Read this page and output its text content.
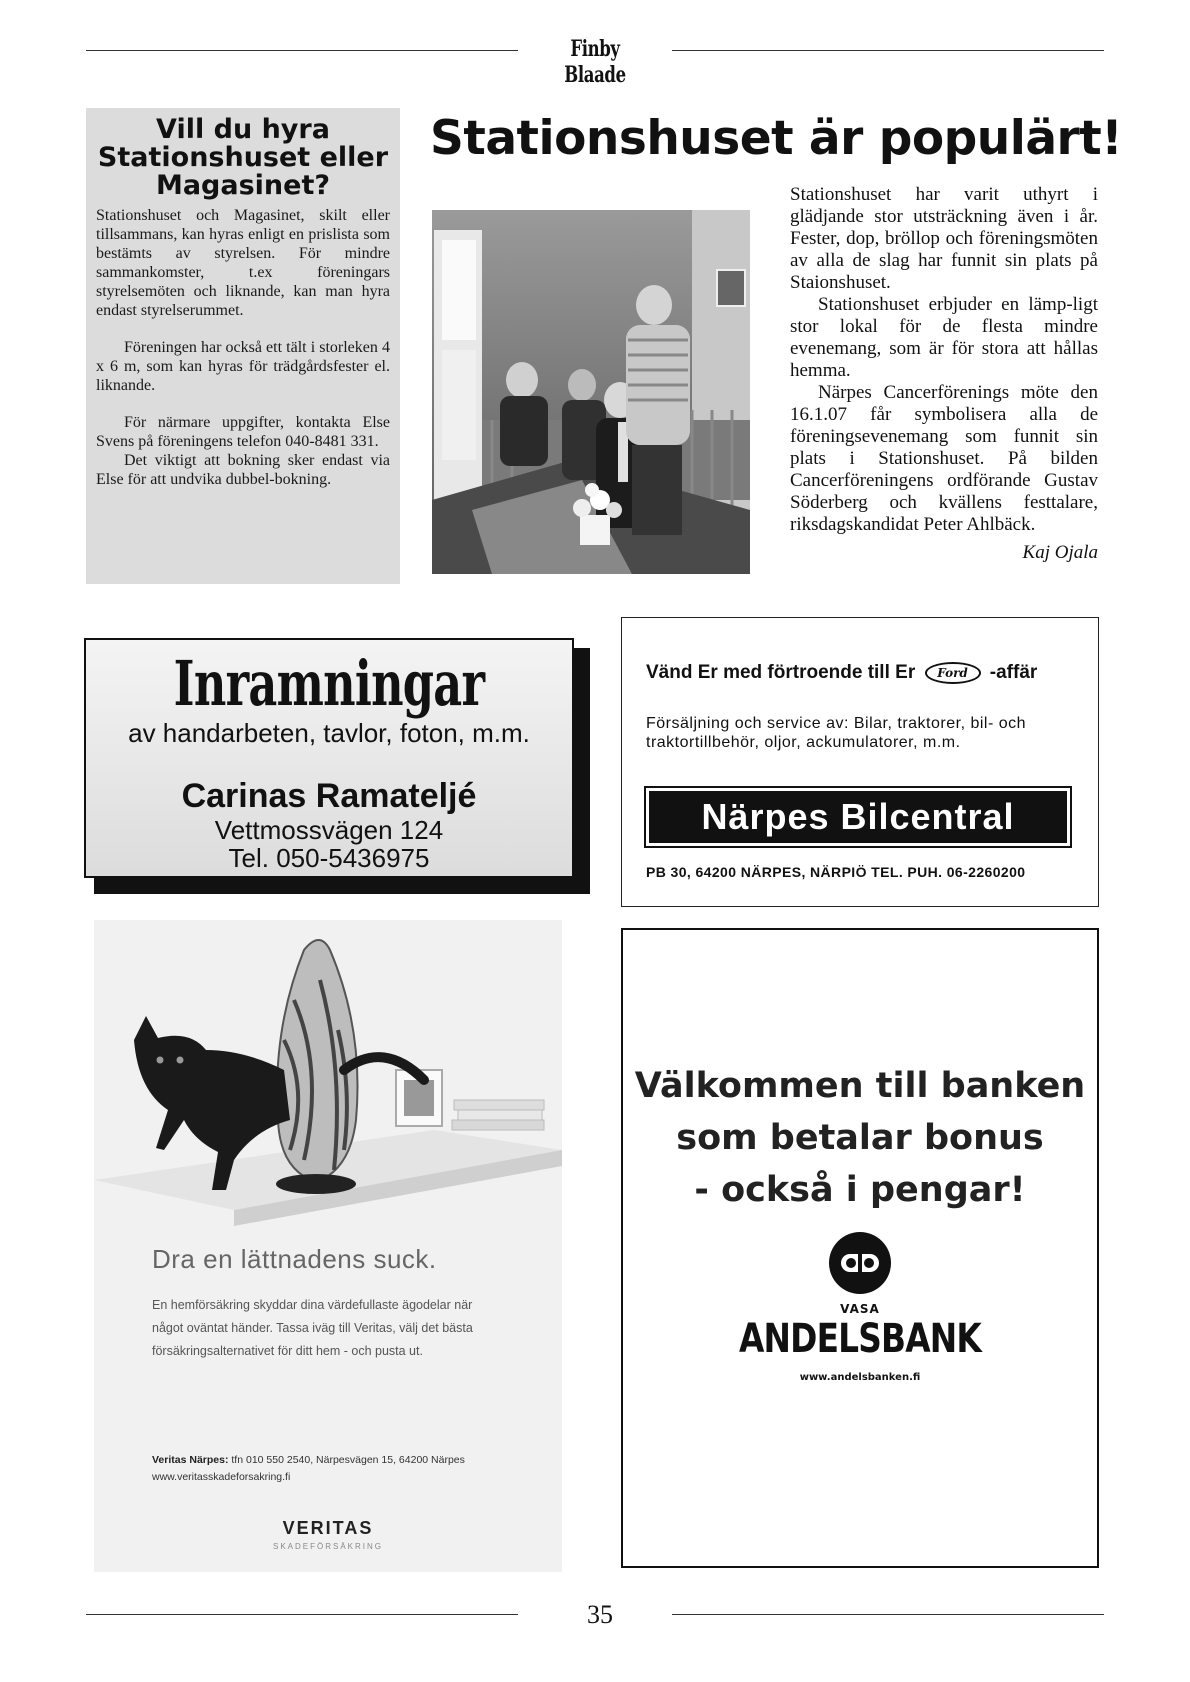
Finby Blaade
Vill du hyra Stationshuset eller Magasinet?

Stationshuset och Magasinet, skilt eller tillsammans, kan hyras enligt en prislista som bestämts av styrelsen. För mindre sammankomster, t.ex föreningars styrelsemöten och liknande, kan man hyra endast styrelserummet.

Föreningen har också ett tält i storleken 4 x 6 m, som kan hyras för trädgårdsfester el. liknande.

För närmare uppgifter, kontakta Else Svens på föreningens telefon 040-8481 331.

Det viktigt att bokning sker endast via Else för att undvika dubbel-bokning.

Stationshuset är populärt!

Stationshuset har varit uthyrt i glädjande stor utsträckning även i år. Fester, dop, bröllop och föreningsmöten av alla de slag har funnit sin plats på Staionshuset.

Stationshuset erbjuder en lämp-ligt stor lokal för de flesta mindre evenemang, som är för stora att hållas hemma.

Närpes Cancerförenings möte den 16.1.07 får symbolisera alla de föreningsevenemang som funnit sin plats i Stationshuset. På bilden Cancerföreningens ordförande Gustav Söderberg och kvällens festtalare, riksdagskandidat Peter Ahlbäck.

Kaj Ojala

Inramningar
av handarbeten, tavlor, foton, m.m.
Carinas Ramatelјé
Vettmossvägen 124
Tel. 050-5436975
Vänd Er med förtroende till Er Ford -affär
Försäljning och service av: Bilar, traktorer, bil- och traktortillbehör, oljor, ackumulatorer, m.m.
Närpes Bilcentral
PB 30, 64200 NÄRPES, NÄRPIÖ TEL. PUH. 06-2260200
Dra en lättnadens suck.
En hemförsäkring skyddar dina värdefullaste ägodelar när något oväntat händer. Tassa iväg till Veritas, välj det bästa försäkringsalternativet för ditt hem - och pusta ut.
Veritas Närpes: tfn 010 550 2540, Närpesvägen 15, 64200 Närpes
www.veritasskadeforsakring.fi
VERITAS
SKADEFÖRSÄKRING
Välkommen till banken
som betalar bonus
- också i pengar!
VASA
ANDELSBANK
www.andelsbanken.fi
35
